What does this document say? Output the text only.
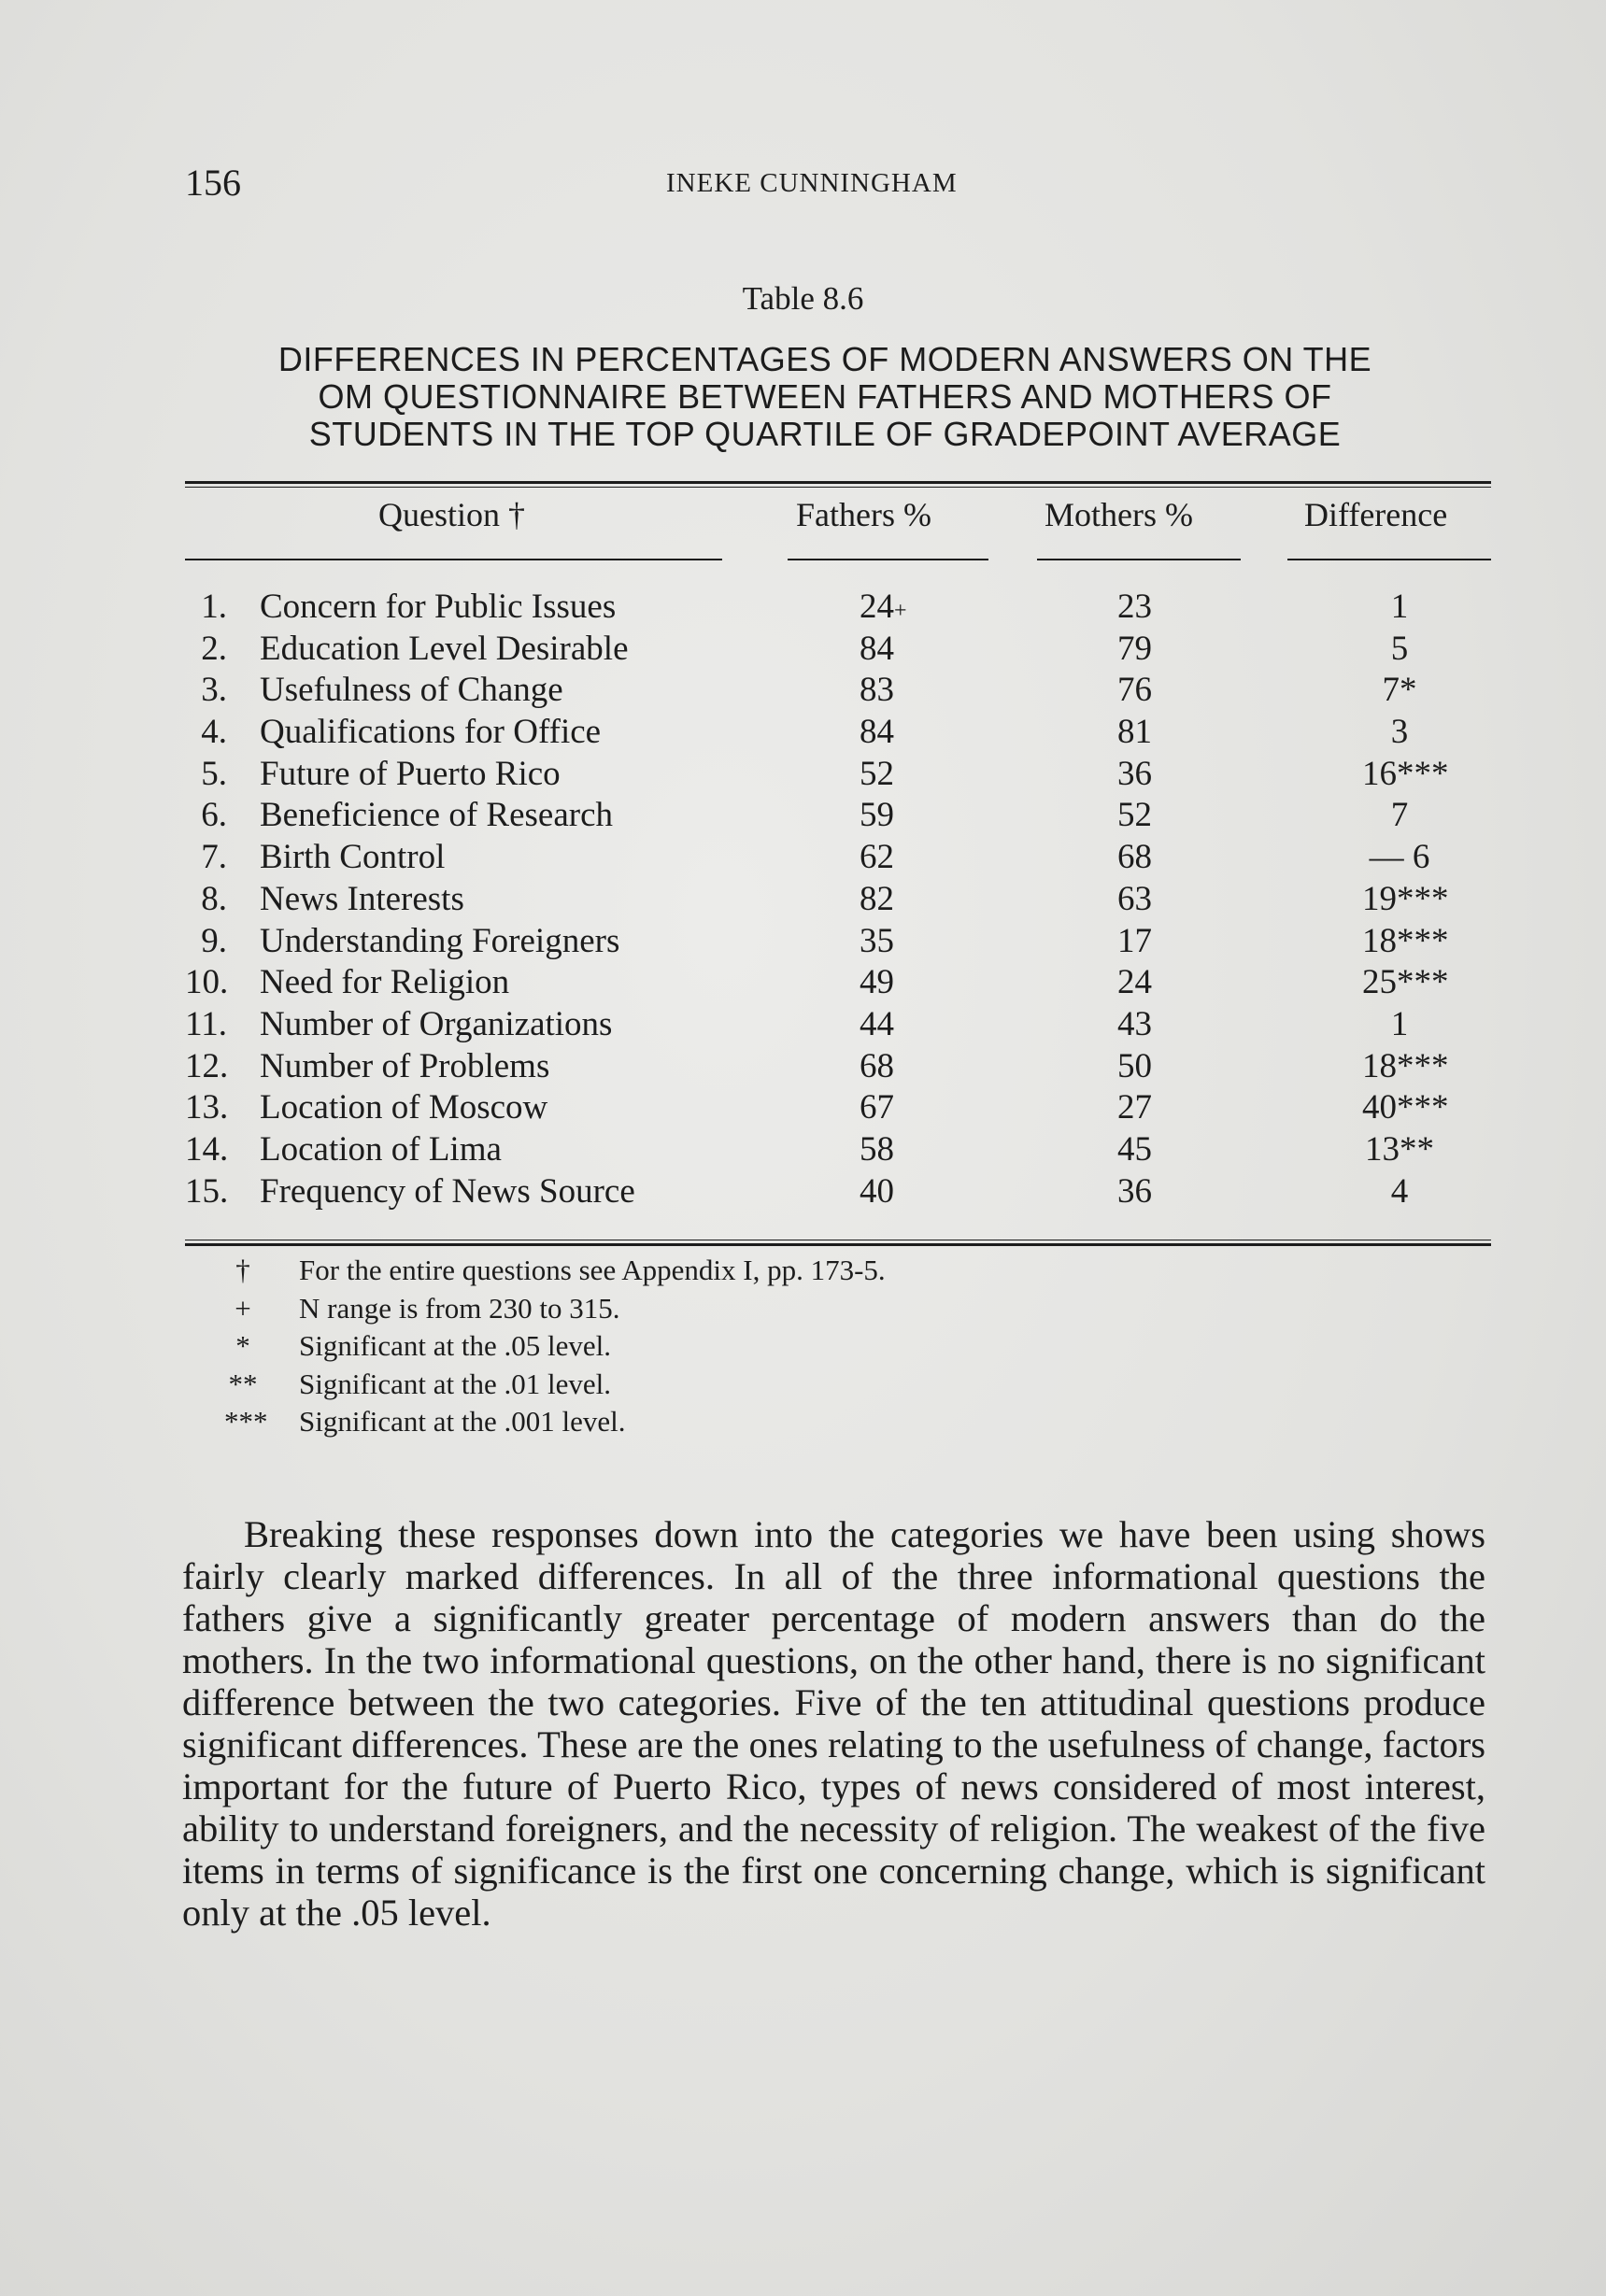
156	INEKE CUNNINGHAM
Table 8.6
DIFFERENCES IN PERCENTAGES OF MODERN ANSWERS ON THE
OM QUESTIONNAIRE BETWEEN FATHERS AND MOTHERS OF
STUDENTS IN THE TOP QUARTILE OF GRADEPOINT AVERAGE
Question †	Fathers %	Mothers %	Difference
1. Concern for Public Issues	24+	23	1
2. Education Level Desirable	84	79	5
3. Usefulness of Change	83	76	7*
4. Qualifications for Office	84	81	3
5. Future of Puerto Rico	52	36	16***
6. Beneficience of Research	59	52	7
7. Birth Control	62	68	— 6
8. News Interests	82	63	19***
9. Understanding Foreigners	35	17	18***
10. Need for Religion	49	24	25***
11. Number of Organizations	44	43	1
12. Number of Problems	68	50	18***
13. Location of Moscow	67	27	40***
14. Location of Lima	58	45	13**
15. Frequency of News Source	40	36	4
†	For the entire questions see Appendix I, pp. 173-5.
+	N range is from 230 to 315.
*	Significant at the .05 level.
** Significant at the .01 level.
*** Significant at the .001 level.

Breaking these responses down into the categories we have been using shows fairly clearly marked differences. In all of the three informational questions the fathers give a significantly greater percentage of modern answers than do the mothers. In the two informational questions, on the other hand, there is no significant difference between the two categories. Five of the ten attitudinal questions produce significant differences. These are the ones relating to the usefulness of change, factors important for the future of Puerto Rico, types of news considered of most interest, ability to understand foreigners, and the necessity of religion. The weakest of the five items in terms of significance is the first one concerning change, which is significant only at the .05 level.
